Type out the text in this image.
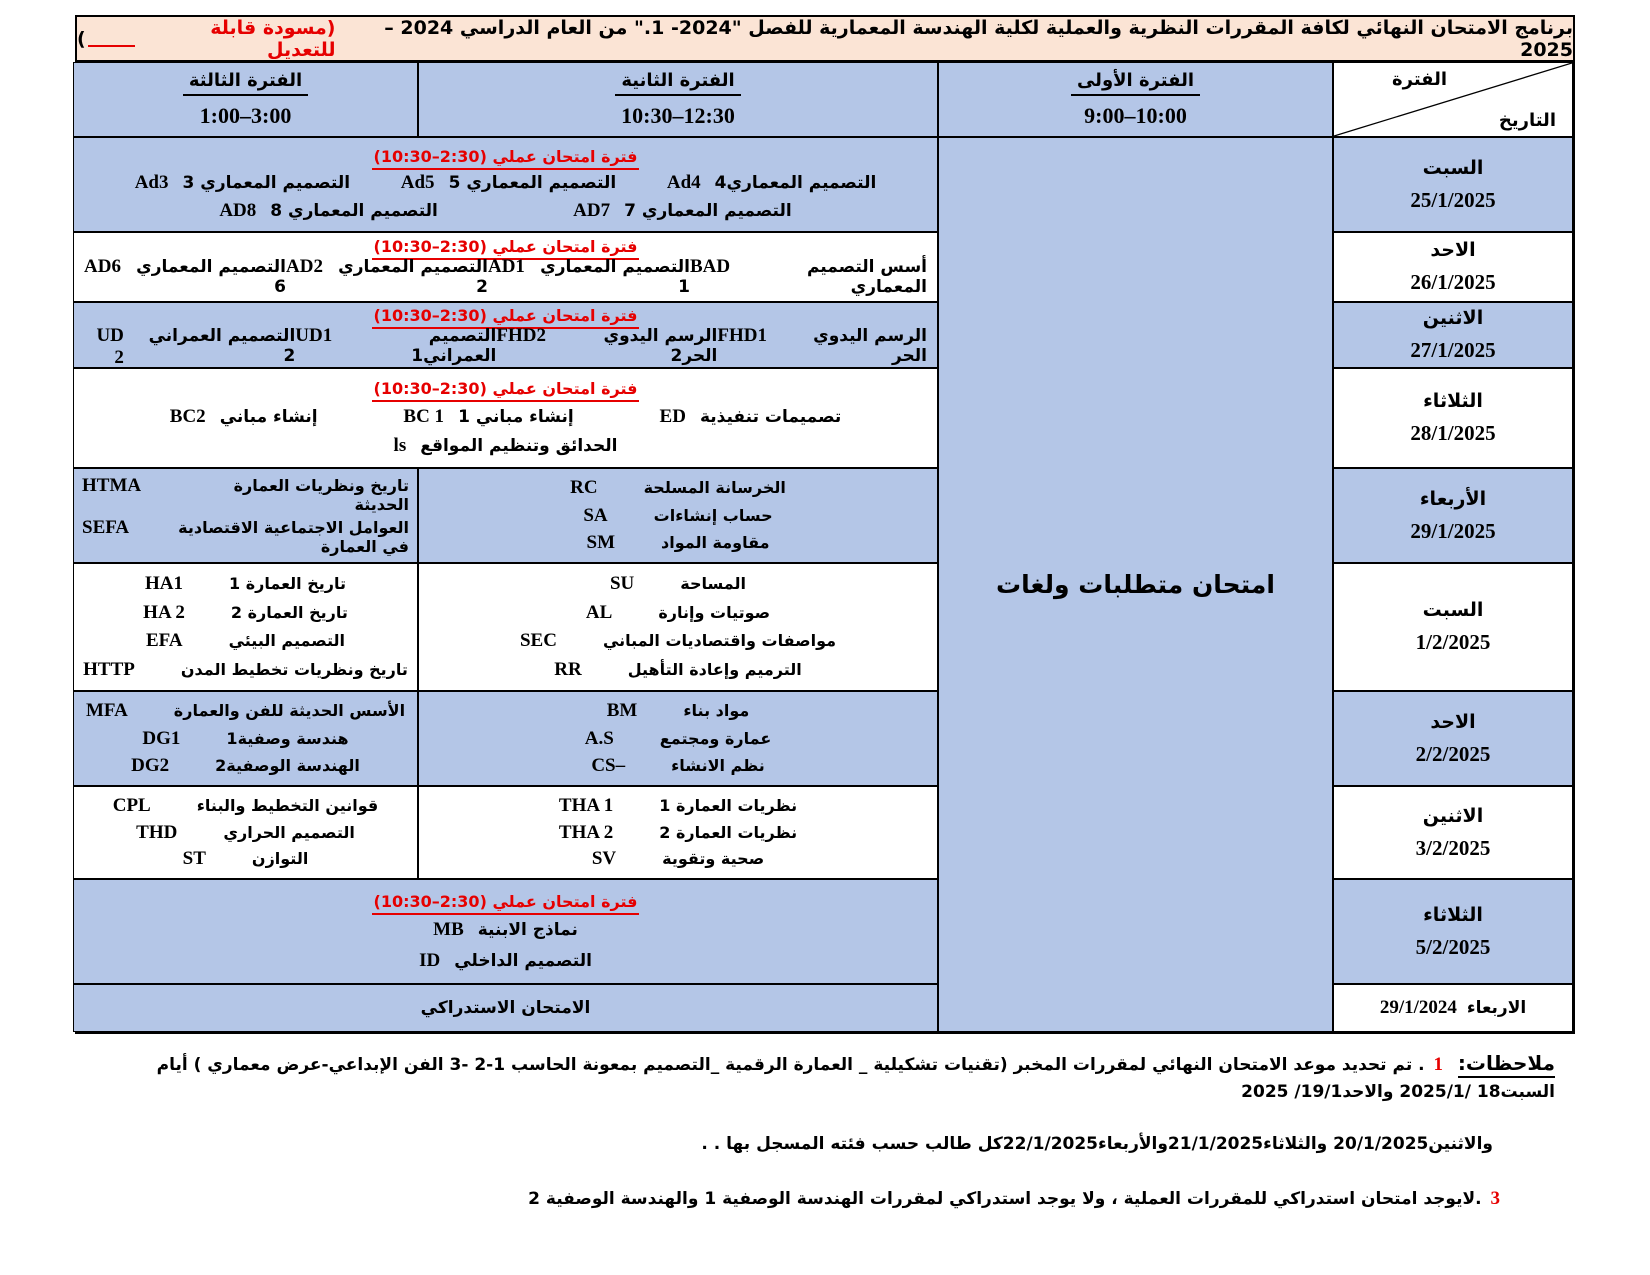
برنامج الامتحان النهائي لكافة المقررات النظرية والعملية لكلية الهندسة المعمارية للفصل "2024- 1." من العام الدراسي 2024 – 2025
(مسودة قابلة للتعديل
)
الفترة
التاريخ
الفترة الأولى
9:00–10:00
الفترة الثانية
10:30–12:30
الفترة الثالثة
1:00–3:00
امتحان متطلبات ولغات
السبت
25/1/2025
فترة امتحان عملي (2:30–10:30)
التصميم المعماري4
Ad4
التصميم المعماري 5
Ad5
التصميم المعماري 3
Ad3
التصميم المعماري 7
AD7
التصميم المعماري 8
AD8
الاحد
26/1/2025
فترة امتحان عملي (2:30–10:30)
أسس التصميم المعماري
BAD
التصميم المعماري 1
AD1
التصميم المعماري 2
AD2
التصميم المعماري 6
AD6
الاثنين
27/1/2025
فترة امتحان عملي (2:30–10:30)
الرسم اليدوي الحر
FHD1
الرسم اليدوي الحر2
FHD2
التصميم العمراني1
UD1
التصميم العمراني 2
UD 2
الثلاثاء
28/1/2025
فترة امتحان عملي (2:30–10:30)
تصميمات تنفيذية
ED
إنشاء مباني 1
BC 1
إنشاء مباني
BC2
الحدائق وتنظيم المواقع
ls
الأربعاء
29/1/2025
الخرسانة المسلحة
RC
حساب إنشاءات
SA
مقاومة المواد
SM
تاريخ ونظريات العمارة الحديثة
HTMA
العوامل الاجتماعية الاقتصادية في العمارة
SEFA
السبت
1/2/2025
المساحة
SU
صوتيات وإنارة
AL
مواصفات واقتصاديات المباني
SEC
الترميم وإعادة التأهيل
RR
تاريخ العمارة 1
HA1
تاريخ العمارة 2
HA 2
التصميم البيئي
EFA
تاريخ ونظريات تخطيط المدن
HTTP
الاحد
2/2/2025
مواد بناء
BM
عمارة ومجتمع
A.S
نظم الانشاء
–CS
الأسس الحديثة للفن والعمارة
MFA
هندسة وصفية1
DG1
الهندسة الوصفية2
DG2
الاثنين
3/2/2025
نظريات العمارة 1
THA 1
نظريات العمارة 2
THA 2
صحية وتقوية
SV
قوانين التخطيط والبناء
CPL
التصميم الحراري
THD
التوازن
ST
الثلاثاء
5/2/2025
فترة امتحان عملي (2:30–10:30)
نماذج الابنية
MB
التصميم الداخلي
ID
الاربعاء
29/1/2024
الامتحان الاستدراكي
ملاحظات: 1 . تم تحديد موعد الامتحان النهائي لمقررات المخبر (تقنيات تشكيلية _ العمارة الرقمية _التصميم بمعونة الحاسب 1-2 -3 الفن الإبداعي-عرض معماري ) أيام السبت18 /2025/1 والاحد19/1/ 2025
والاثنين20/1/2025 والثلاثاء21/1/2025والأربعاء22/1/2025كل طالب حسب فئته المسجل بها . .
3 .لايوجد امتحان استدراكي للمقررات العملية ، ولا يوجد استدراكي لمقررات الهندسة الوصفية 1 والهندسة الوصفية 2
